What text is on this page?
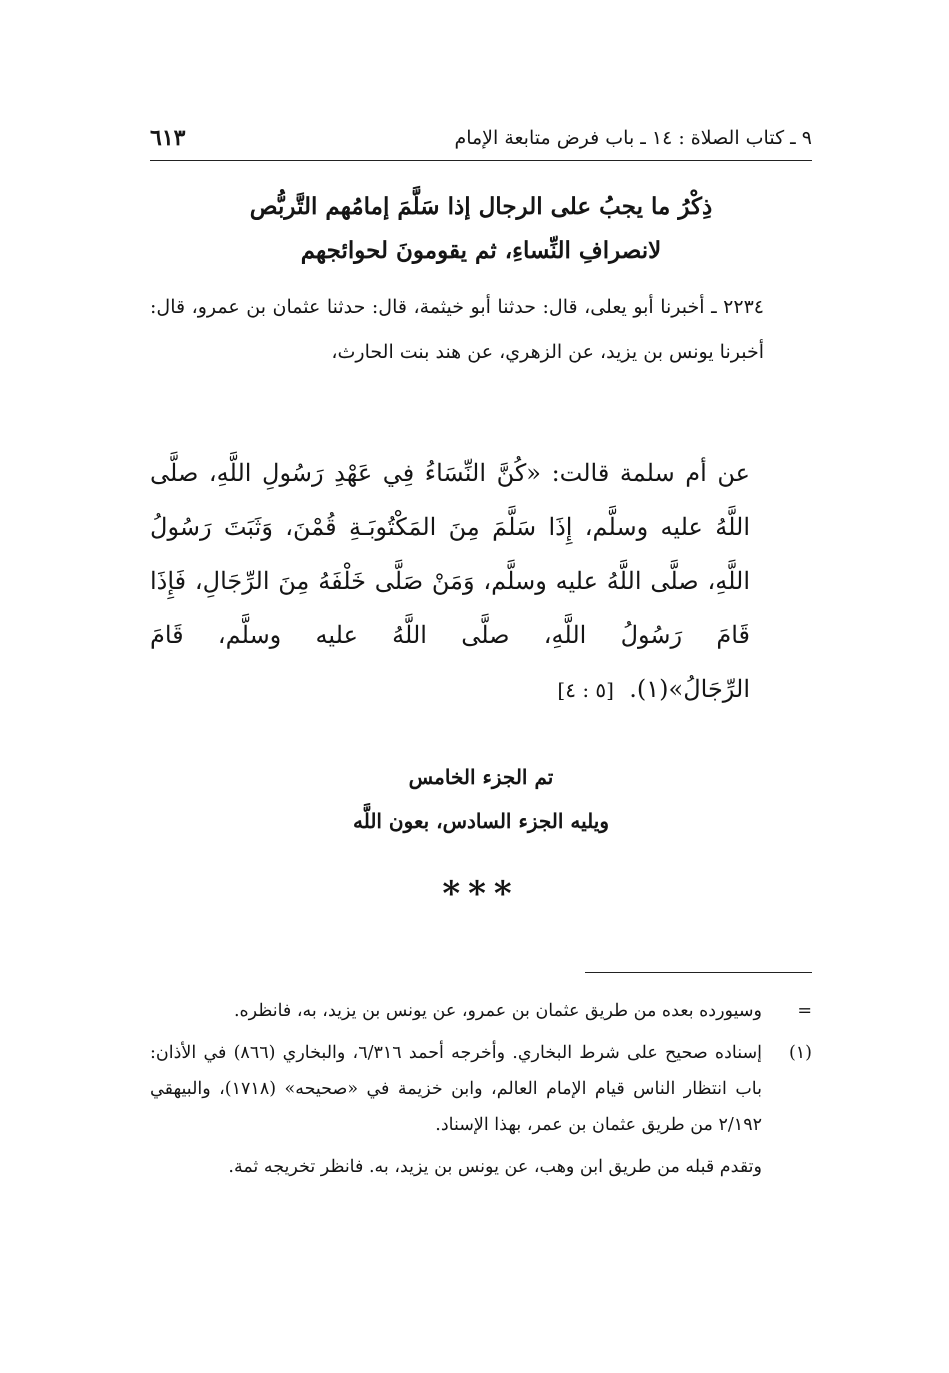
٩ ـ كتاب الصلاة : ١٤ ـ باب فرض متابعة الإمام
٦١٣
ذِكْرُ ما يجبُ على الرجال إذا سَلَّمَ إمامُهم التَّربُّص
لانصرافِ النِّساءِ، ثم يقومونَ لحوائجهم
٢٢٣٤ ـ أخبرنا أبو يعلى، قال: حدثنا أبو خيثمة، قال: حدثنا عثمان بن عمرو، قال: أخبرنا يونس بن يزيد، عن الزهري، عن هند بنت الحارث،
عن أم سلمة قالت: «كُنَّ النِّسَاءُ فِي عَهْدِ رَسُولِ اللَّهِ، صلَّى اللَّهُ عليه وسلَّم، إِذَا سَلَّمَ مِنَ المَكْتُوبَـةِ قُمْنَ، وَثَبَتَ رَسُولُ اللَّهِ، صلَّى اللَّهُ عليه وسلَّم، وَمَنْ صَلَّى خَلْفَهُ مِنَ الرِّجَالِ، فَإِذَا قَامَ رَسُولُ اللَّهِ، صلَّى اللَّهُ عليه وسلَّم، قَامَ الرِّجَالُ»(١).  [٥ : ٤]
تم الجزء الخامس
ويليه الجزء السادس، بعون اللَّه
***
=
وسيورده بعده من طريق عثمان بن عمرو، عن يونس بن يزيد، به، فانظره.
(١)
إسناده صحيح على شرط البخاري. وأخرجه أحمد ٦/٣١٦، والبخاري (٨٦٦) في الأذان: باب انتظار الناس قيام الإمام العالم، وابن خزيمة في «صحيحه» (١٧١٨)، والبيهقي ٢/١٩٢ من طريق عثمان بن عمر، بهذا الإسناد.
وتقدم قبله من طريق ابن وهب، عن يونس بن يزيد، به. فانظر تخريجه ثمة.
